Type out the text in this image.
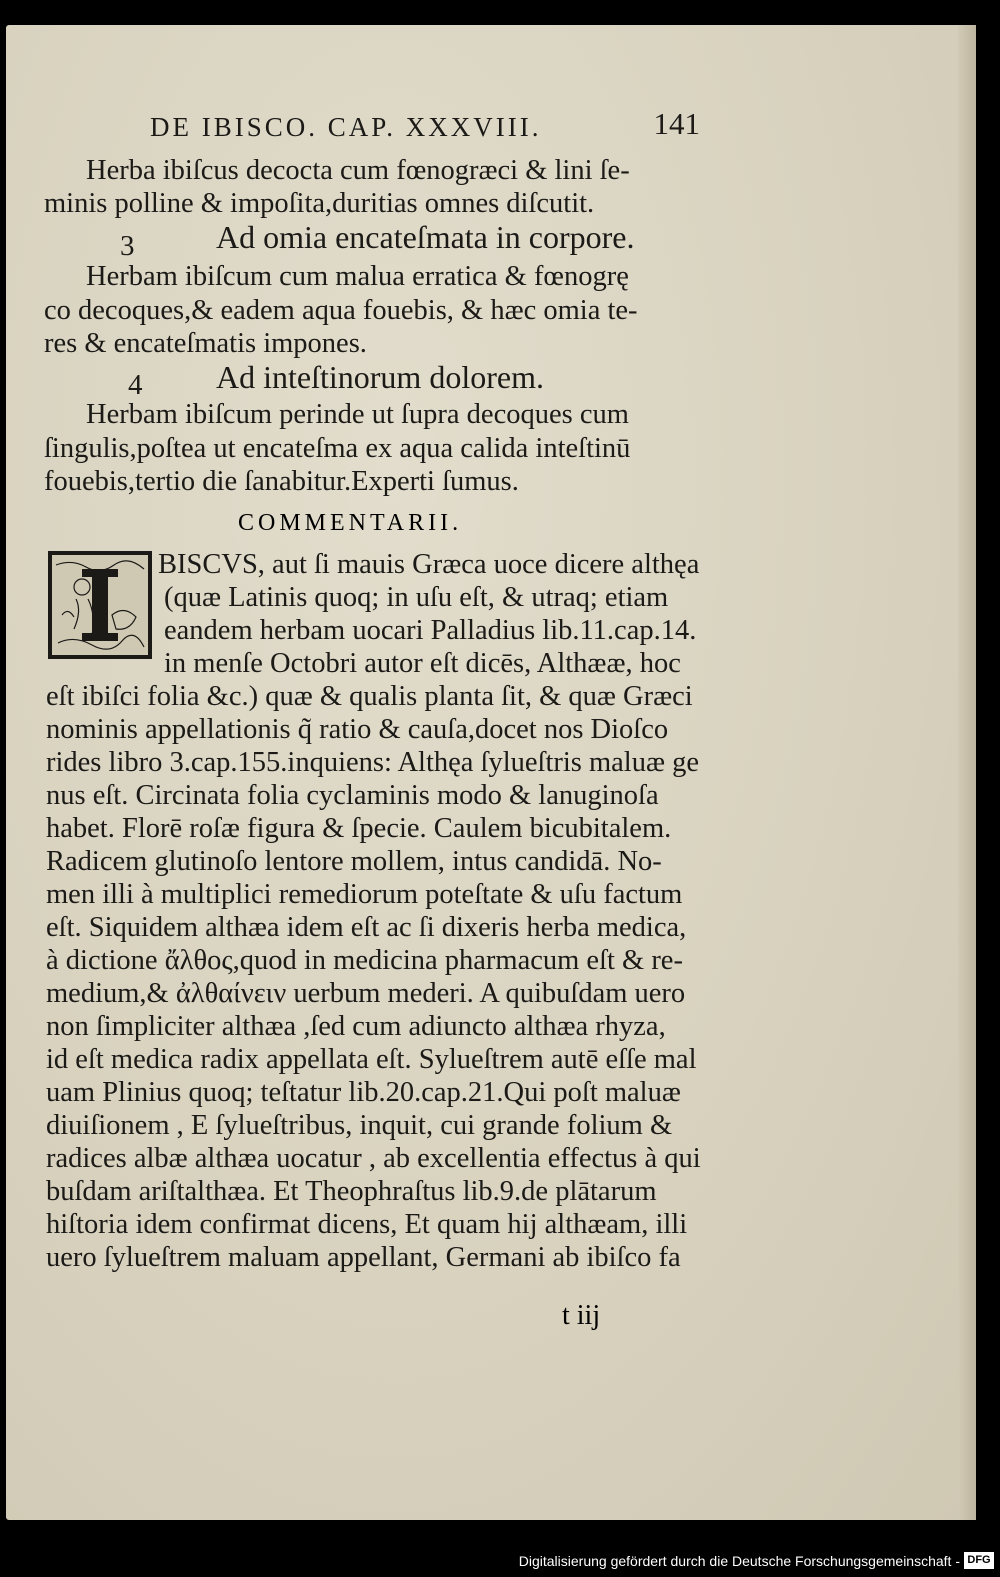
DE IBISCO. CAP. XXXVIII.	141
Herba ibiſcus decocta cum fœnogræci & lini ſe-
minis polline & impoſita,duritias omnes diſcutit.
3	Ad omia encateſmata in corpore.
Herbam ibiſcum cum malua erratica & fœnogrę
co decoques,& eadem aqua fouebis, & hæc omia te-
res & encateſmatis impones.
4 Ad inteſtinorum dolorem.
Herbam ibiſcum perinde ut ſupra decoques cum
ſingulis,poſtea ut encateſma ex aqua calida inteſtinū
fouebis,tertio die ſanabitur.Experti ſumus.
COMMENTARII.
BISCVS, aut ſi mauis Græca uoce dicere althęa
(quæ Latinis quoq; in uſu eſt, & utraq; etiam
eandem herbam uocari Palladius lib.11.cap.14.
in menſe Octobri autor eſt dicēs, Althææ, hoc
eſt ibiſci folia &c.) quæ & qualis planta ſit, & quæ Græci
nominis appellationis q̃ ratio & cauſa,docet nos Dioſco
rides libro 3.cap.155.inquiens: Althęa ſylueſtris maluæ ge
nus eſt. Circinata folia cyclaminis modo & lanuginoſa
habet. Florē roſæ figura & ſpecie. Caulem bicubitalem.
Radicem glutinoſo lentore mollem, intus candidā. No-
men illi à multiplici remediorum poteſtate & uſu factum
eſt. Siquidem althæa idem eſt ac ſi dixeris herba medica,
à dictione ἄλθος,quod in medicina pharmacum eſt & re-
medium,& ἀλθαίνειν uerbum mederi. A quibuſdam uero
non ſimpliciter althæa ,ſed cum adiuncto althæa rhyza,
id eſt medica radix appellata eſt. Sylueſtrem autē eſſe mal
uam Plinius quoq; teſtatur lib.20.cap.21.Qui poſt maluæ
diuiſionem , E ſylueſtribus, inquit, cui grande folium &
radices albæ althæa uocatur , ab excellentia effectus à qui
buſdam ariſtalthæa. Et Theophraſtus lib.9.de plātarum
hiſtoria idem confirmat dicens, Et quam hij althæam, illi
uero ſylueſtrem maluam appellant, Germani ab ibiſco fa
t iij
Digitalisierung gefördert durch die Deutsche Forschungsgemeinschaft - DFG
